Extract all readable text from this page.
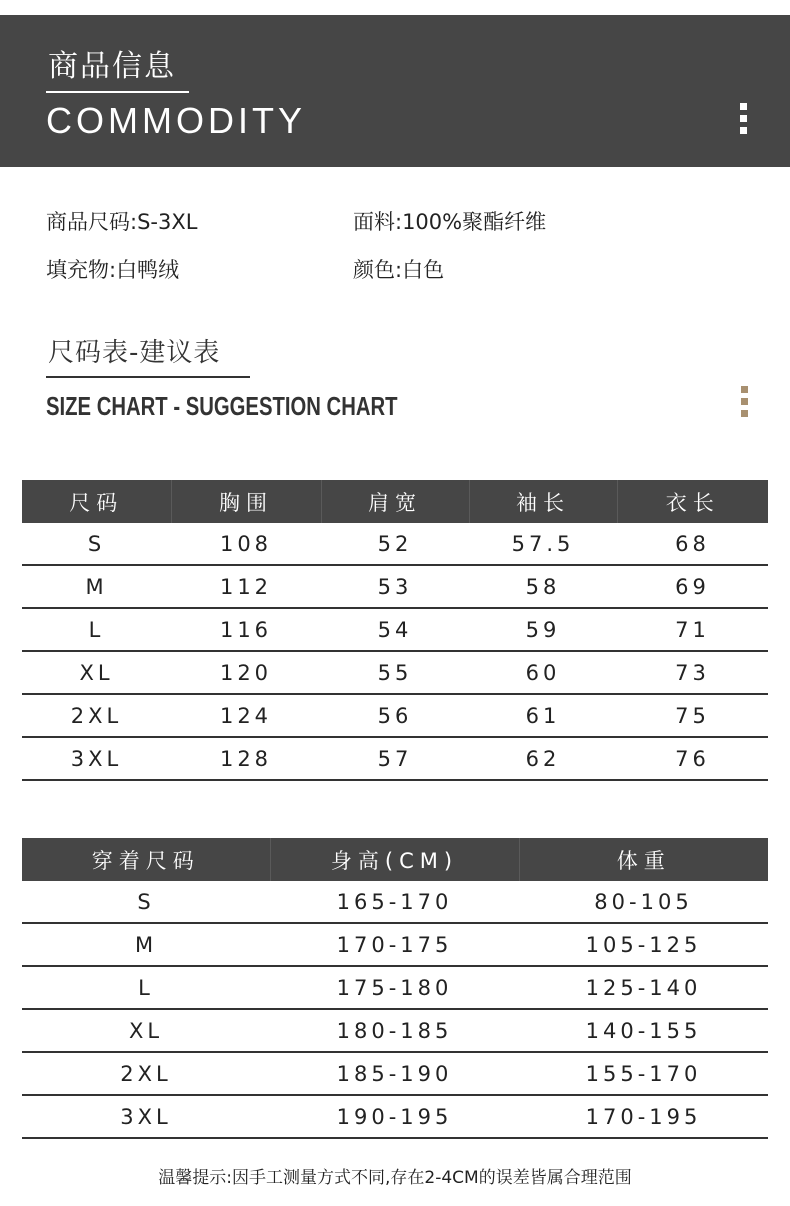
商品信息
COMMODITY
商品尺码:S-3XL	面料:100%聚酯纤维
填充物:白鸭绒	颜色:白色
尺码表-建议表
SIZE CHART - SUGGESTION CHART
尺码	胸围	肩宽	袖长	衣长
S	108	52	57.5	68
M	112	53	58	69
L	116	54	59	71
XL	120	55	60	73
2XL	124	56	61	75
3XL	128	57	62	76
穿着尺码	身高(CM)	体重
S	165-170	80-105
M	170-175	105-125
L	175-180	125-140
XL	180-185	140-155
2XL	185-190	155-170
3XL	190-195	170-195
温馨提示:因手工测量方式不同,存在2-4CM的误差皆属合理范围
